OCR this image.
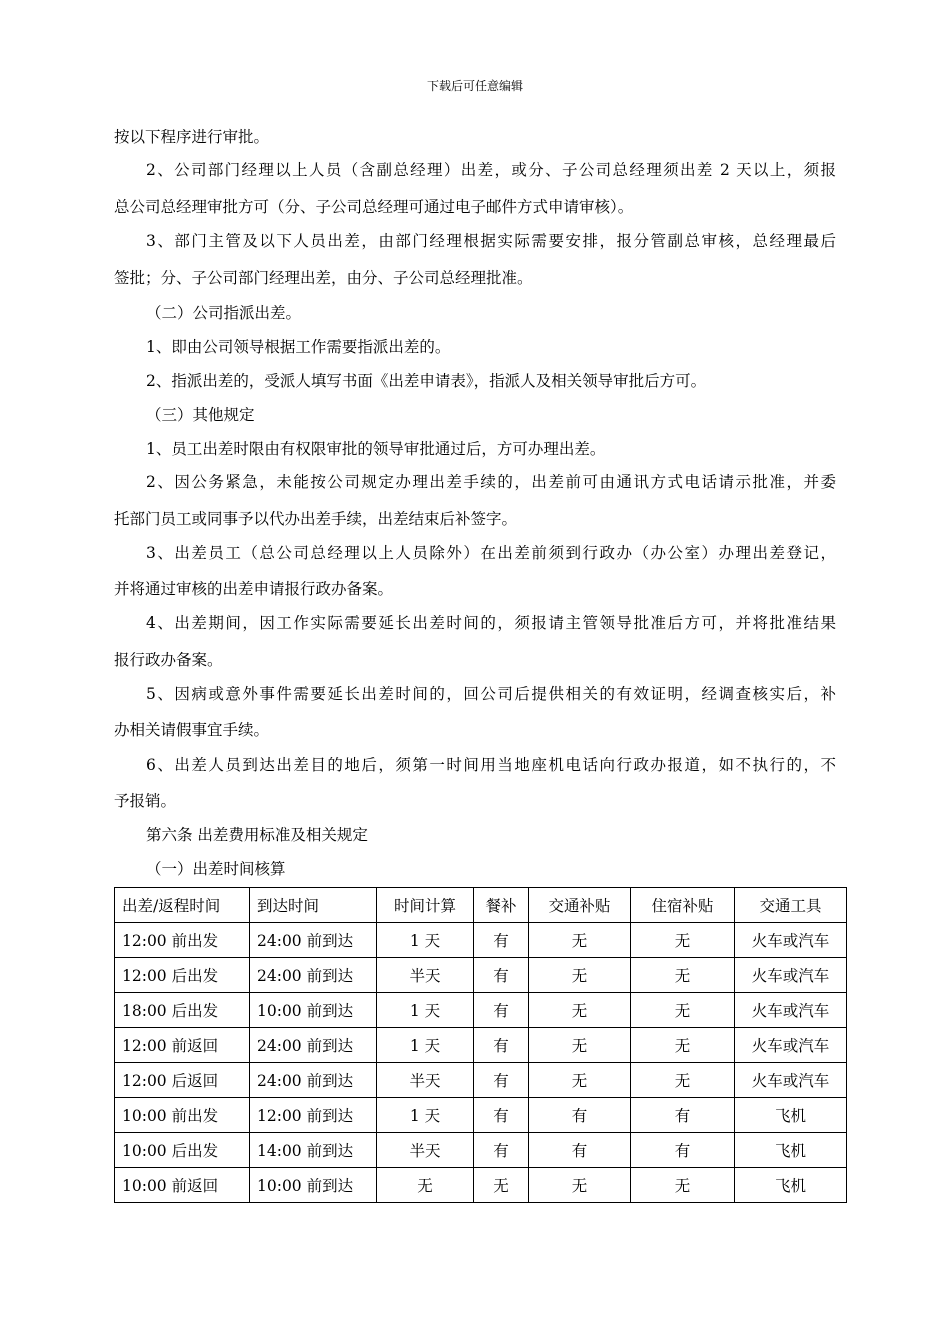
下载后可任意编辑
按以下程序进行审批。
2、公司部门经理以上人员（含副总经理）出差，或分、子公司总经理须出差 2 天以上，须报
总公司总经理审批方可（分、子公司总经理可通过电子邮件方式申请审核）。
3、部门主管及以下人员出差，由部门经理根据实际需要安排，报分管副总审核，总经理最后
签批；分、子公司部门经理出差，由分、子公司总经理批准。
（二）公司指派出差。
1、即由公司领导根据工作需要指派出差的。
2、指派出差的，受派人填写书面《出差申请表》，指派人及相关领导审批后方可。
（三）其他规定
1、员工出差时限由有权限审批的领导审批通过后，方可办理出差。
2、因公务紧急，未能按公司规定办理出差手续的，出差前可由通讯方式电话请示批准，并委
托部门员工或同事予以代办出差手续，出差结束后补签字。
3、出差员工（总公司总经理以上人员除外）在出差前须到行政办（办公室）办理出差登记，
并将通过审核的出差申请报行政办备案。
4、出差期间，因工作实际需要延长出差时间的，须报请主管领导批准后方可，并将批准结果
报行政办备案。
5、因病或意外事件需要延长出差时间的，回公司后提供相关的有效证明，经调查核实后，补
办相关请假事宜手续。
6、出差人员到达出差目的地后，须第一时间用当地座机电话向行政办报道，如不执行的，不
予报销。
第六条 出差费用标准及相关规定
（一）出差时间核算
出差/返程时间	到达时间	时间计算	餐补	交通补贴	住宿补贴	交通工具
12:00 前出发	24:00 前到达	1 天	有	无	无	火车或汽车
12:00 后出发	24:00 前到达	半天	有	无	无	火车或汽车
18:00 后出发	10:00 前到达	1 天	有	无	无	火车或汽车
12:00 前返回	24:00 前到达	1 天	有	无	无	火车或汽车
12:00 后返回	24:00 前到达	半天	有	无	无	火车或汽车
10:00 前出发	12:00 前到达	1 天	有	有	有	飞机
10:00 后出发	14:00 前到达	半天	有	有	有	飞机
10:00 前返回	10:00 前到达	无	无	无	无	飞机
